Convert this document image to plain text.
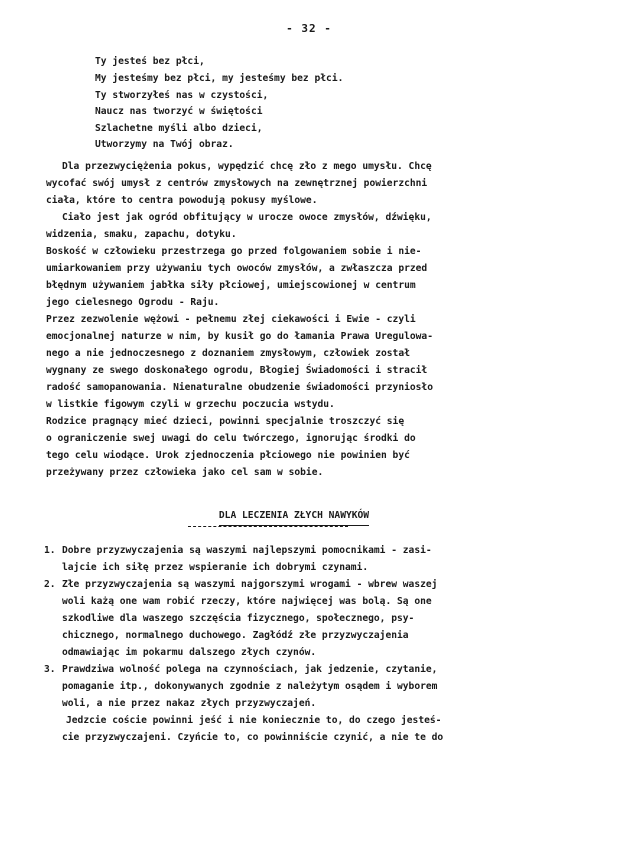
- 32 -
Ty jesteś bez płci,
My jesteśmy bez płci, my jesteśmy bez płci.
Ty stworzyłeś nas w czystości,
Naucz nas tworzyć w świętości
Szlachetne myśli albo dzieci,
Utworzymy na Twój obraz.
Dla przezwyciężenia pokus, wypędzić chcę zło z mego umysłu. Chcę
wycofać swój umysł z centrów zmysłowych na zewnętrznej powierzchni
ciała, które to centra powodują pokusy myślowe.
Ciało jest jak ogród obfitujący w urocze owoce zmysłów, dźwięku,
widzenia, smaku, zapachu, dotyku.
Boskość w człowieku przestrzega go przed folgowaniem sobie i nie-
umiarkowaniem przy używaniu tych owoców zmysłów, a zwłaszcza przed
błędnym używaniem jabłka siły płciowej, umiejscowionej w centrum
jego cielesnego Ogrodu - Raju.
Przez zezwolenie wężowi - pełnemu złej ciekawości i Ewie - czyli
emocjonalnej naturze w nim, by kusił go do łamania Prawa Uregulowa-
nego a nie jednoczesnego z doznaniem zmysłowym, człowiek został
wygnany ze swego doskonałego ogrodu, Błogiej Świadomości i stracił
radość samopanowania. Nienaturalne obudzenie świadomości przyniosło
w listkie figowym czyli w grzechu poczucia wstydu.
Rodzice pragnący mieć dzieci, powinni specjalnie troszczyć się
o ograniczenie swej uwagi do celu twórczego, ignorując środki do
tego celu wiodące. Urok zjednoczenia płciowego nie powinien być
przeżywany przez człowieka jako cel sam w sobie.
DLA LECZENIA ZŁYCH NAWYKÓW
1. Dobre przyzwyczajenia są waszymi najlepszymi pomocnikami - zasi-
lajcie ich siłę przez wspieranie ich dobrymi czynami.
2. Złe przyzwyczajenia są waszymi najgorszymi wrogami - wbrew waszej
woli każą one wam robić rzeczy, które najwięcej was bolą. Są one
szkodliwe dla waszego szczęścia fizycznego, społecznego, psy-
chicznego, normalnego duchowego. Zagłódź złe przyzwyczajenia
odmawiając im pokarmu dalszego złych czynów.
3. Prawdziwa wolność polega na czynnościach, jak jedzenie, czytanie,
pomaganie itp., dokonywanych zgodnie z należytym osądem i wyborem
woli, a nie przez nakaz złych przyzwyczajeń.
Jedzcie coście powinni jeść i nie koniecznie to, do czego jesteś-
cie przyzwyczajeni. Czyńcie to, co powinniście czynić, a nie te do
